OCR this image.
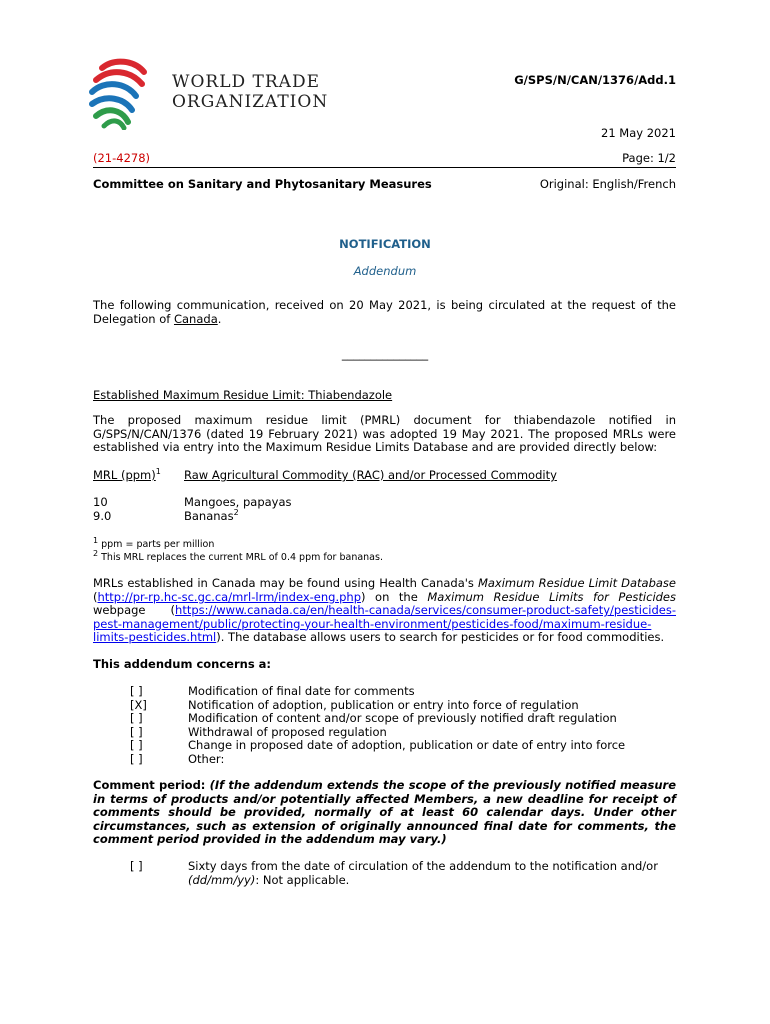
WORLD TRADE
ORGANIZATION
G/SPS/N/CAN/1376/Add.1
21 May 2021
(21-4278)	Page: 1/2
Committee on Sanitary and Phytosanitary Measures	Original: English/French
NOTIFICATION
Addendum
The following communication, received on 20 May 2021, is being circulated at the request of the Delegation of Canada.
_______________
Established Maximum Residue Limit: Thiabendazole
The proposed maximum residue limit (PMRL) document for thiabendazole notified in G/SPS/N/CAN/1376 (dated 19 February 2021) was adopted 19 May 2021. The proposed MRLs were established via entry into the Maximum Residue Limits Database and are provided directly below:
MRL (ppm)$^1$	Raw Agricultural Commodity (RAC) and/or Processed Commodity
10	Mangoes, papayas
9.0	Bananas$^2$
$^1$ ppm = parts per million
$^2$ This MRL replaces the current MRL of 0.4 ppm for bananas.
MRLs established in Canada may be found using Health Canada's Maximum Residue Limit Database (http://pr-rp.hc-sc.gc.ca/mrl-lrm/index-eng.php) on the Maximum Residue Limits for Pesticides webpage (https://www.canada.ca/en/health-canada/services/consumer-product-safety/pesticides-pest-management/public/protecting-your-health-environment/pesticides-food/maximum-residue-limits-pesticides.html). The database allows users to search for pesticides or for food commodities.
This addendum concerns a:
[ ]	Modification of final date for comments
[X]	Notification of adoption, publication or entry into force of regulation
[ ]	Modification of content and/or scope of previously notified draft regulation
[ ]	Withdrawal of proposed regulation
[ ]	Change in proposed date of adoption, publication or date of entry into force
[ ]	Other:
Comment period: (If the addendum extends the scope of the previously notified measure in terms of products and/or potentially affected Members, a new deadline for receipt of comments should be provided, normally of at least 60 calendar days. Under other circumstances, such as extension of originally announced final date for comments, the comment period provided in the addendum may vary.)
[ ]	Sixty days from the date of circulation of the addendum to the notification and/or
(dd/mm/yy): Not applicable.
